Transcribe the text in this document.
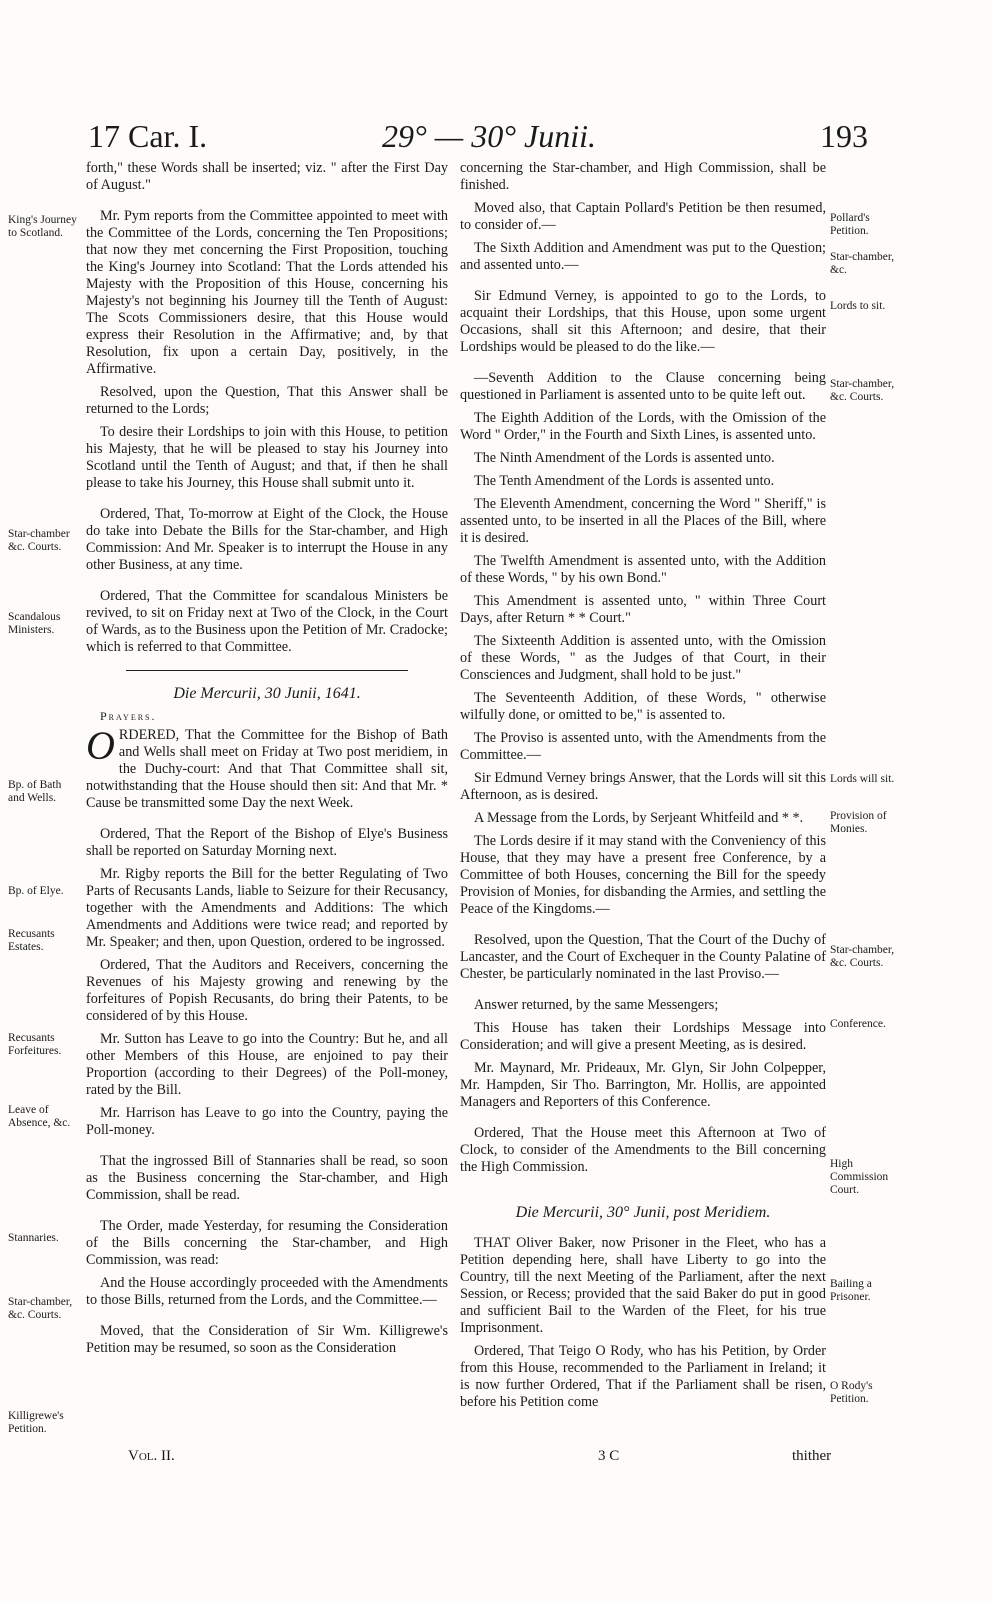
17 Car. I.	29° — 30° Junii.	193
King's Journey to Scotland.
Star-chamber &c. Courts.
Scandalous Ministers.
Bp. of Bath and Wells.
Bp. of Elye.
Recusants Estates.
Recusants Forfeitures.
Leave of Absence, &c.
Stannaries.
Star-chamber, &c. Courts.
Killigrewe's Petition.
Pollard's Petition.
Star-chamber, &c.
Lords to sit.
Star-chamber, &c. Courts.
Lords will sit.
Provision of Monies.
Star-chamber, &c. Courts.
Conference.
High Commission Court.
Bailing a Prisoner.
O Rody's Petition.

forth," these Words shall be inserted; viz. " after the First Day of August."

Mr. Pym reports from the Committee appointed to meet with the Committee of the Lords, concerning the Ten Propositions; that now they met concerning the First Proposition, touching the King's Journey into Scotland: That the Lords attended his Majesty with the Proposition of this House, concerning his Majesty's not beginning his Journey till the Tenth of August: The Scots Commissioners desire, that this House would express their Resolution in the Affirmative; and, by that Resolution, fix upon a certain Day, positively, in the Affirmative.

Resolved, upon the Question, That this Answer shall be returned to the Lords;

To desire their Lordships to join with this House, to petition his Majesty, that he will be pleased to stay his Journey into Scotland until the Tenth of August; and that, if then he shall please to take his Journey, this House shall submit unto it.

Ordered, That, To-morrow at Eight of the Clock, the House do take into Debate the Bills for the Star-chamber, and High Commission: And Mr. Speaker is to interrupt the House in any other Business, at any time.

Ordered, That the Committee for scandalous Ministers be revived, to sit on Friday next at Two of the Clock, in the Court of Wards, as to the Business upon the Petition of Mr. Cradocke; which is referred to that Committee.

Die Mercurii, 30 Junii, 1641.
Prayers.

ORDERED, That the Committee for the Bishop of Bath and Wells shall meet on Friday at Two post meridiem, in the Duchy-court: And that That Committee shall sit, notwithstanding that the House should then sit: And that Mr. * Cause be transmitted some Day the next Week.

Ordered, That the Report of the Bishop of Elye's Business shall be reported on Saturday Morning next.

Mr. Rigby reports the Bill for the better Regulating of Two Parts of Recusants Lands, liable to Seizure for their Recusancy, together with the Amendments and Additions: The which Amendments and Additions were twice read; and reported by Mr. Speaker; and then, upon Question, ordered to be ingrossed.

Ordered, That the Auditors and Receivers, concerning the Revenues of his Majesty growing and renewing by the forfeitures of Popish Recusants, do bring their Patents, to be considered of by this House.

Mr. Sutton has Leave to go into the Country: But he, and all other Members of this House, are enjoined to pay their Proportion (according to their Degrees) of the Poll-money, rated by the Bill.

Mr. Harrison has Leave to go into the Country, paying the Poll-money.

That the ingrossed Bill of Stannaries shall be read, so soon as the Business concerning the Star-chamber, and High Commission, shall be read.

The Order, made Yesterday, for resuming the Consideration of the Bills concerning the Star-chamber, and High Commission, was read:

And the House accordingly proceeded with the Amendments to those Bills, returned from the Lords, and the Committee.—

Moved, that the Consideration of Sir Wm. Killigrewe's Petition may be resumed, so soon as the Consideration

concerning the Star-chamber, and High Commission, shall be finished.

Moved also, that Captain Pollard's Petition be then resumed, to consider of.—

The Sixth Addition and Amendment was put to the Question; and assented unto.—

Sir Edmund Verney, is appointed to go to the Lords, to acquaint their Lordships, that this House, upon some urgent Occasions, shall sit this Afternoon; and desire, that their Lordships would be pleased to do the like.—

—Seventh Addition to the Clause concerning being questioned in Parliament is assented unto to be quite left out.

The Eighth Addition of the Lords, with the Omission of the Word " Order," in the Fourth and Sixth Lines, is assented unto.

The Ninth Amendment of the Lords is assented unto.

The Tenth Amendment of the Lords is assented unto.

The Eleventh Amendment, concerning the Word " Sheriff," is assented unto, to be inserted in all the Places of the Bill, where it is desired.

The Twelfth Amendment is assented unto, with the Addition of these Words, " by his own Bond."

This Amendment is assented unto, " within Three Court Days, after Return * * Court."

The Sixteenth Addition is assented unto, with the Omission of these Words, " as the Judges of that Court, in their Consciences and Judgment, shall hold to be just."

The Seventeenth Addition, of these Words, " otherwise wilfully done, or omitted to be," is assented to.

The Proviso is assented unto, with the Amendments from the Committee.—

Sir Edmund Verney brings Answer, that the Lords will sit this Afternoon, as is desired.

A Message from the Lords, by Serjeant Whitfeild and * *.

The Lords desire if it may stand with the Conveniency of this House, that they may have a present free Conference, by a Committee of both Houses, concerning the Bill for the speedy Provision of Monies, for disbanding the Armies, and settling the Peace of the Kingdoms.—

Resolved, upon the Question, That the Court of the Duchy of Lancaster, and the Court of Exchequer in the County Palatine of Chester, be particularly nominated in the last Proviso.—

Answer returned, by the same Messengers;

This House has taken their Lordships Message into Consideration; and will give a present Meeting, as is desired.

Mr. Maynard, Mr. Prideaux, Mr. Glyn, Sir John Colpepper, Mr. Hampden, Sir Tho. Barrington, Mr. Hollis, are appointed Managers and Reporters of this Conference.

Ordered, That the House meet this Afternoon at Two of Clock, to consider of the Amendments to the Bill concerning the High Commission.

Die Mercurii, 30° Junii, post Meridiem.

THAT Oliver Baker, now Prisoner in the Fleet, who has a Petition depending here, shall have Liberty to go into the Country, till the next Meeting of the Parliament, after the next Session, or Recess; provided that the said Baker do put in good and sufficient Bail to the Warden of the Fleet, for his true Imprisonment.

Ordered, That Teigo O Rody, who has his Petition, by Order from this House, recommended to the Parliament in Ireland; it is now further Ordered, That if the Parliament shall be risen, before his Petition come

Vol. II.	3 C	thither
